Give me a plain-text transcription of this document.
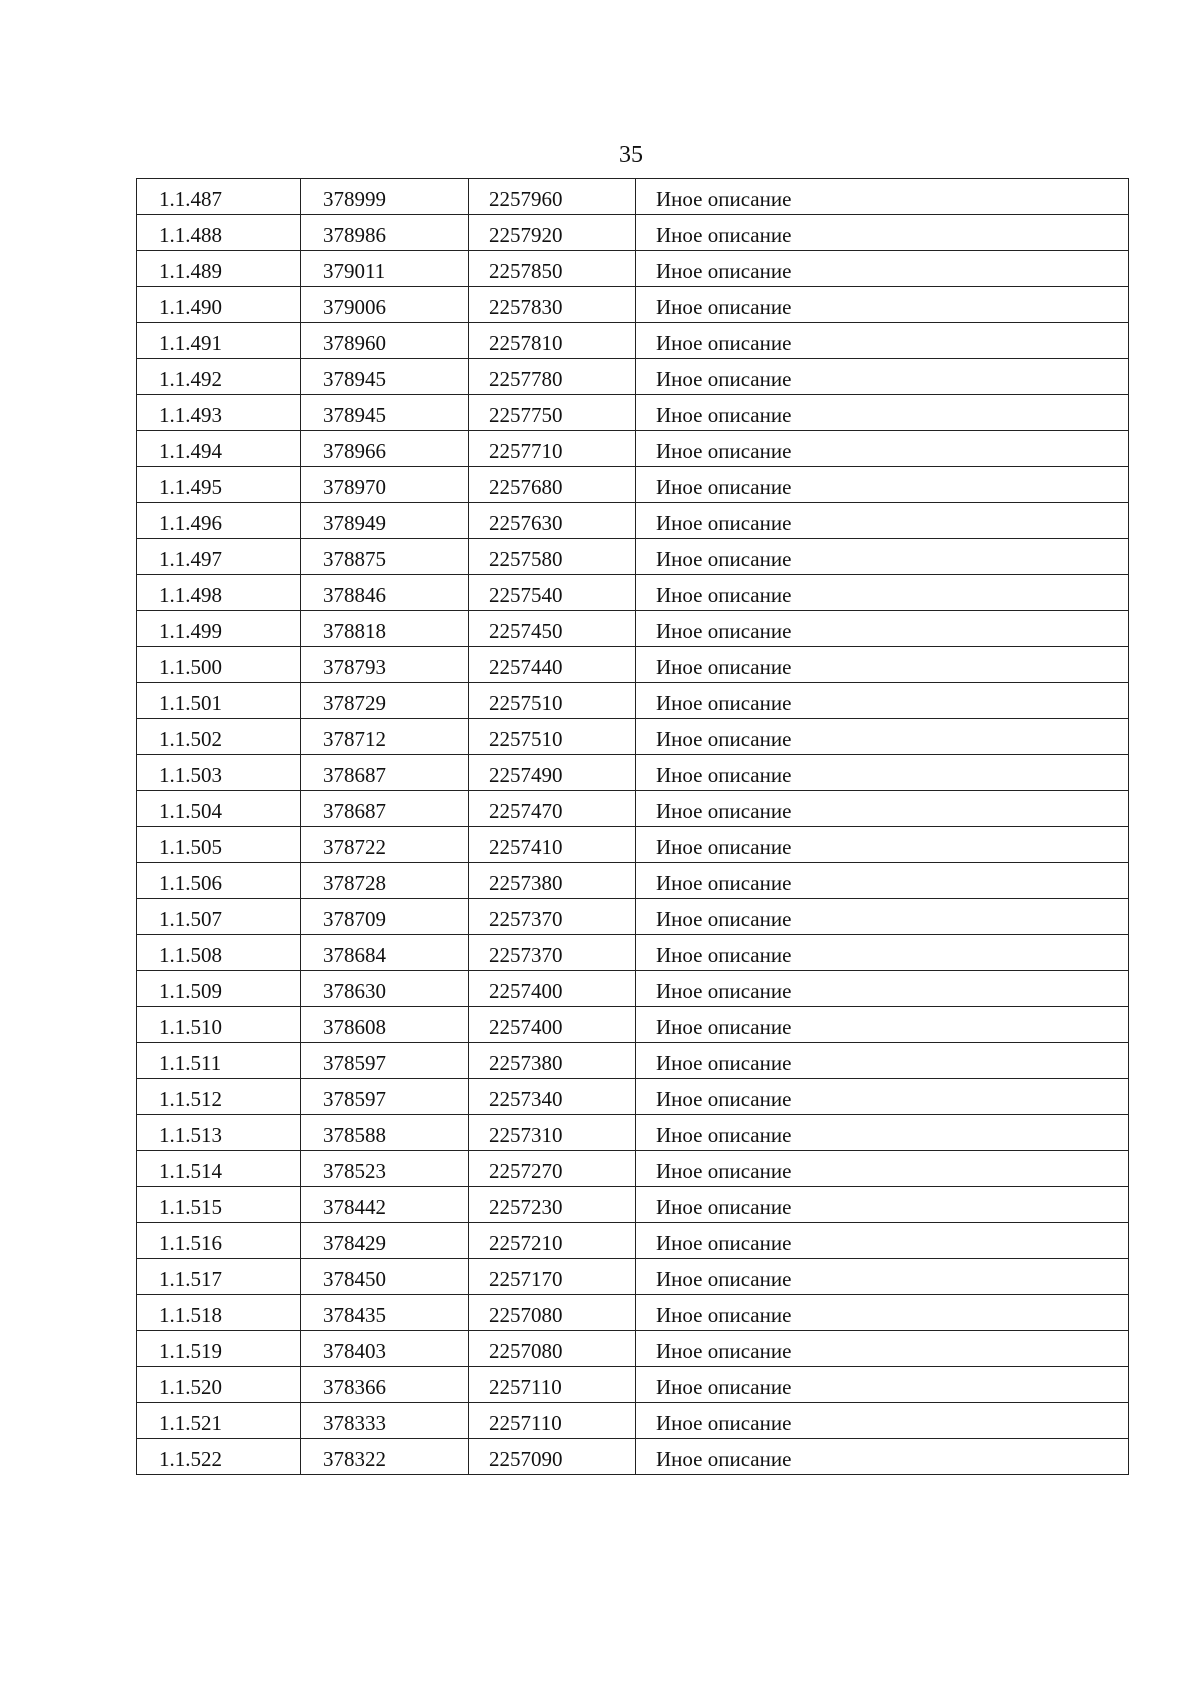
35
1.1.487	378999	2257960	Иное описание
1.1.488	378986	2257920	Иное описание
1.1.489	379011	2257850	Иное описание
1.1.490	379006	2257830	Иное описание
1.1.491	378960	2257810	Иное описание
1.1.492	378945	2257780	Иное описание
1.1.493	378945	2257750	Иное описание
1.1.494	378966	2257710	Иное описание
1.1.495	378970	2257680	Иное описание
1.1.496	378949	2257630	Иное описание
1.1.497	378875	2257580	Иное описание
1.1.498	378846	2257540	Иное описание
1.1.499	378818	2257450	Иное описание
1.1.500	378793	2257440	Иное описание
1.1.501	378729	2257510	Иное описание
1.1.502	378712	2257510	Иное описание
1.1.503	378687	2257490	Иное описание
1.1.504	378687	2257470	Иное описание
1.1.505	378722	2257410	Иное описание
1.1.506	378728	2257380	Иное описание
1.1.507	378709	2257370	Иное описание
1.1.508	378684	2257370	Иное описание
1.1.509	378630	2257400	Иное описание
1.1.510	378608	2257400	Иное описание
1.1.511	378597	2257380	Иное описание
1.1.512	378597	2257340	Иное описание
1.1.513	378588	2257310	Иное описание
1.1.514	378523	2257270	Иное описание
1.1.515	378442	2257230	Иное описание
1.1.516	378429	2257210	Иное описание
1.1.517	378450	2257170	Иное описание
1.1.518	378435	2257080	Иное описание
1.1.519	378403	2257080	Иное описание
1.1.520	378366	2257110	Иное описание
1.1.521	378333	2257110	Иное описание
1.1.522	378322	2257090	Иное описание
